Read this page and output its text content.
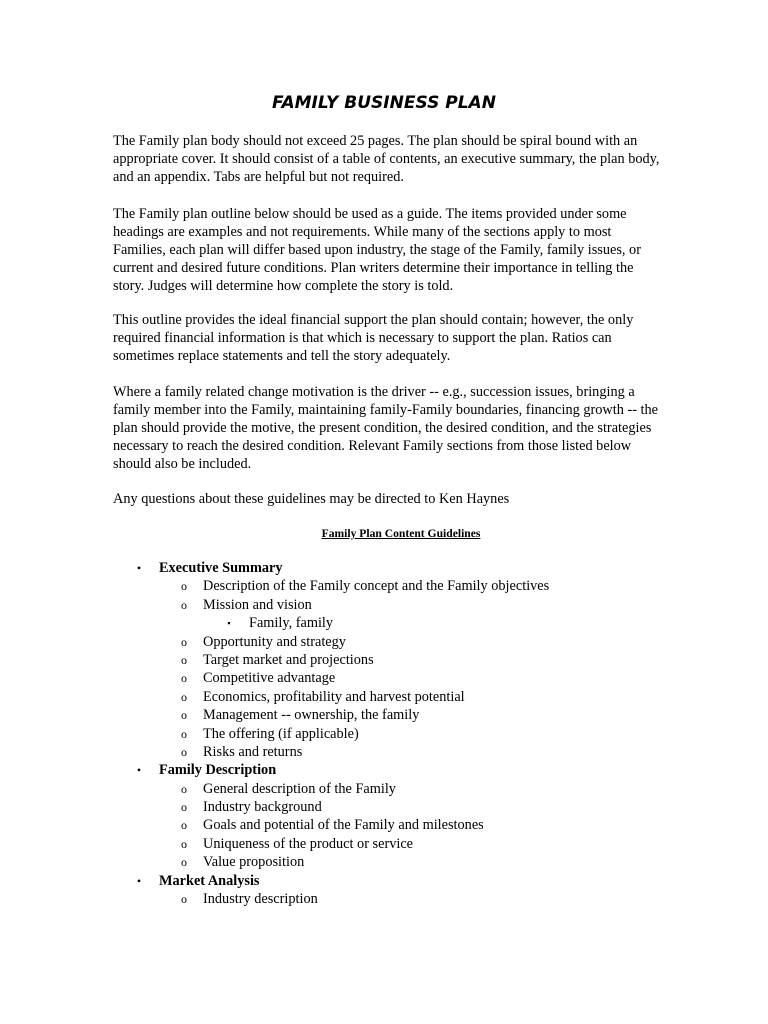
FAMILY BUSINESS PLAN
The Family plan body should not exceed 25 pages. The plan should be spiral bound with an
appropriate cover. It should consist of a table of contents, an executive summary, the plan body,
and an appendix. Tabs are helpful but not required.
The Family plan outline below should be used as a guide. The items provided under some
headings are examples and not requirements. While many of the sections apply to most
Families, each plan will differ based upon industry, the stage of the Family, family issues, or
current and desired future conditions. Plan writers determine their importance in telling the
story. Judges will determine how complete the story is told.
This outline provides the ideal financial support the plan should contain; however, the only
required financial information is that which is necessary to support the plan. Ratios can
sometimes replace statements and tell the story adequately.
Where a family related change motivation is the driver -- e.g., succession issues, bringing a
family member into the Family, maintaining family-Family boundaries, financing growth -- the
plan should provide the motive, the present condition, the desired condition, and the strategies
necessary to reach the desired condition. Relevant Family sections from those listed below
should also be included.
Any questions about these guidelines may be directed to Ken Haynes
Family Plan Content Guidelines
•	Executive Summary
o	Description of the Family concept and the Family objectives
o	Mission and vision
▪	Family, family
o	Opportunity and strategy
o	Target market and projections
o	Competitive advantage
o	Economics, profitability and harvest potential
o	Management -- ownership, the family
o	The offering (if applicable)
o	Risks and returns
•	Family Description
o	General description of the Family
o	Industry background
o	Goals and potential of the Family and milestones
o	Uniqueness of the product or service
o	Value proposition
•	Market Analysis
o	Industry description
